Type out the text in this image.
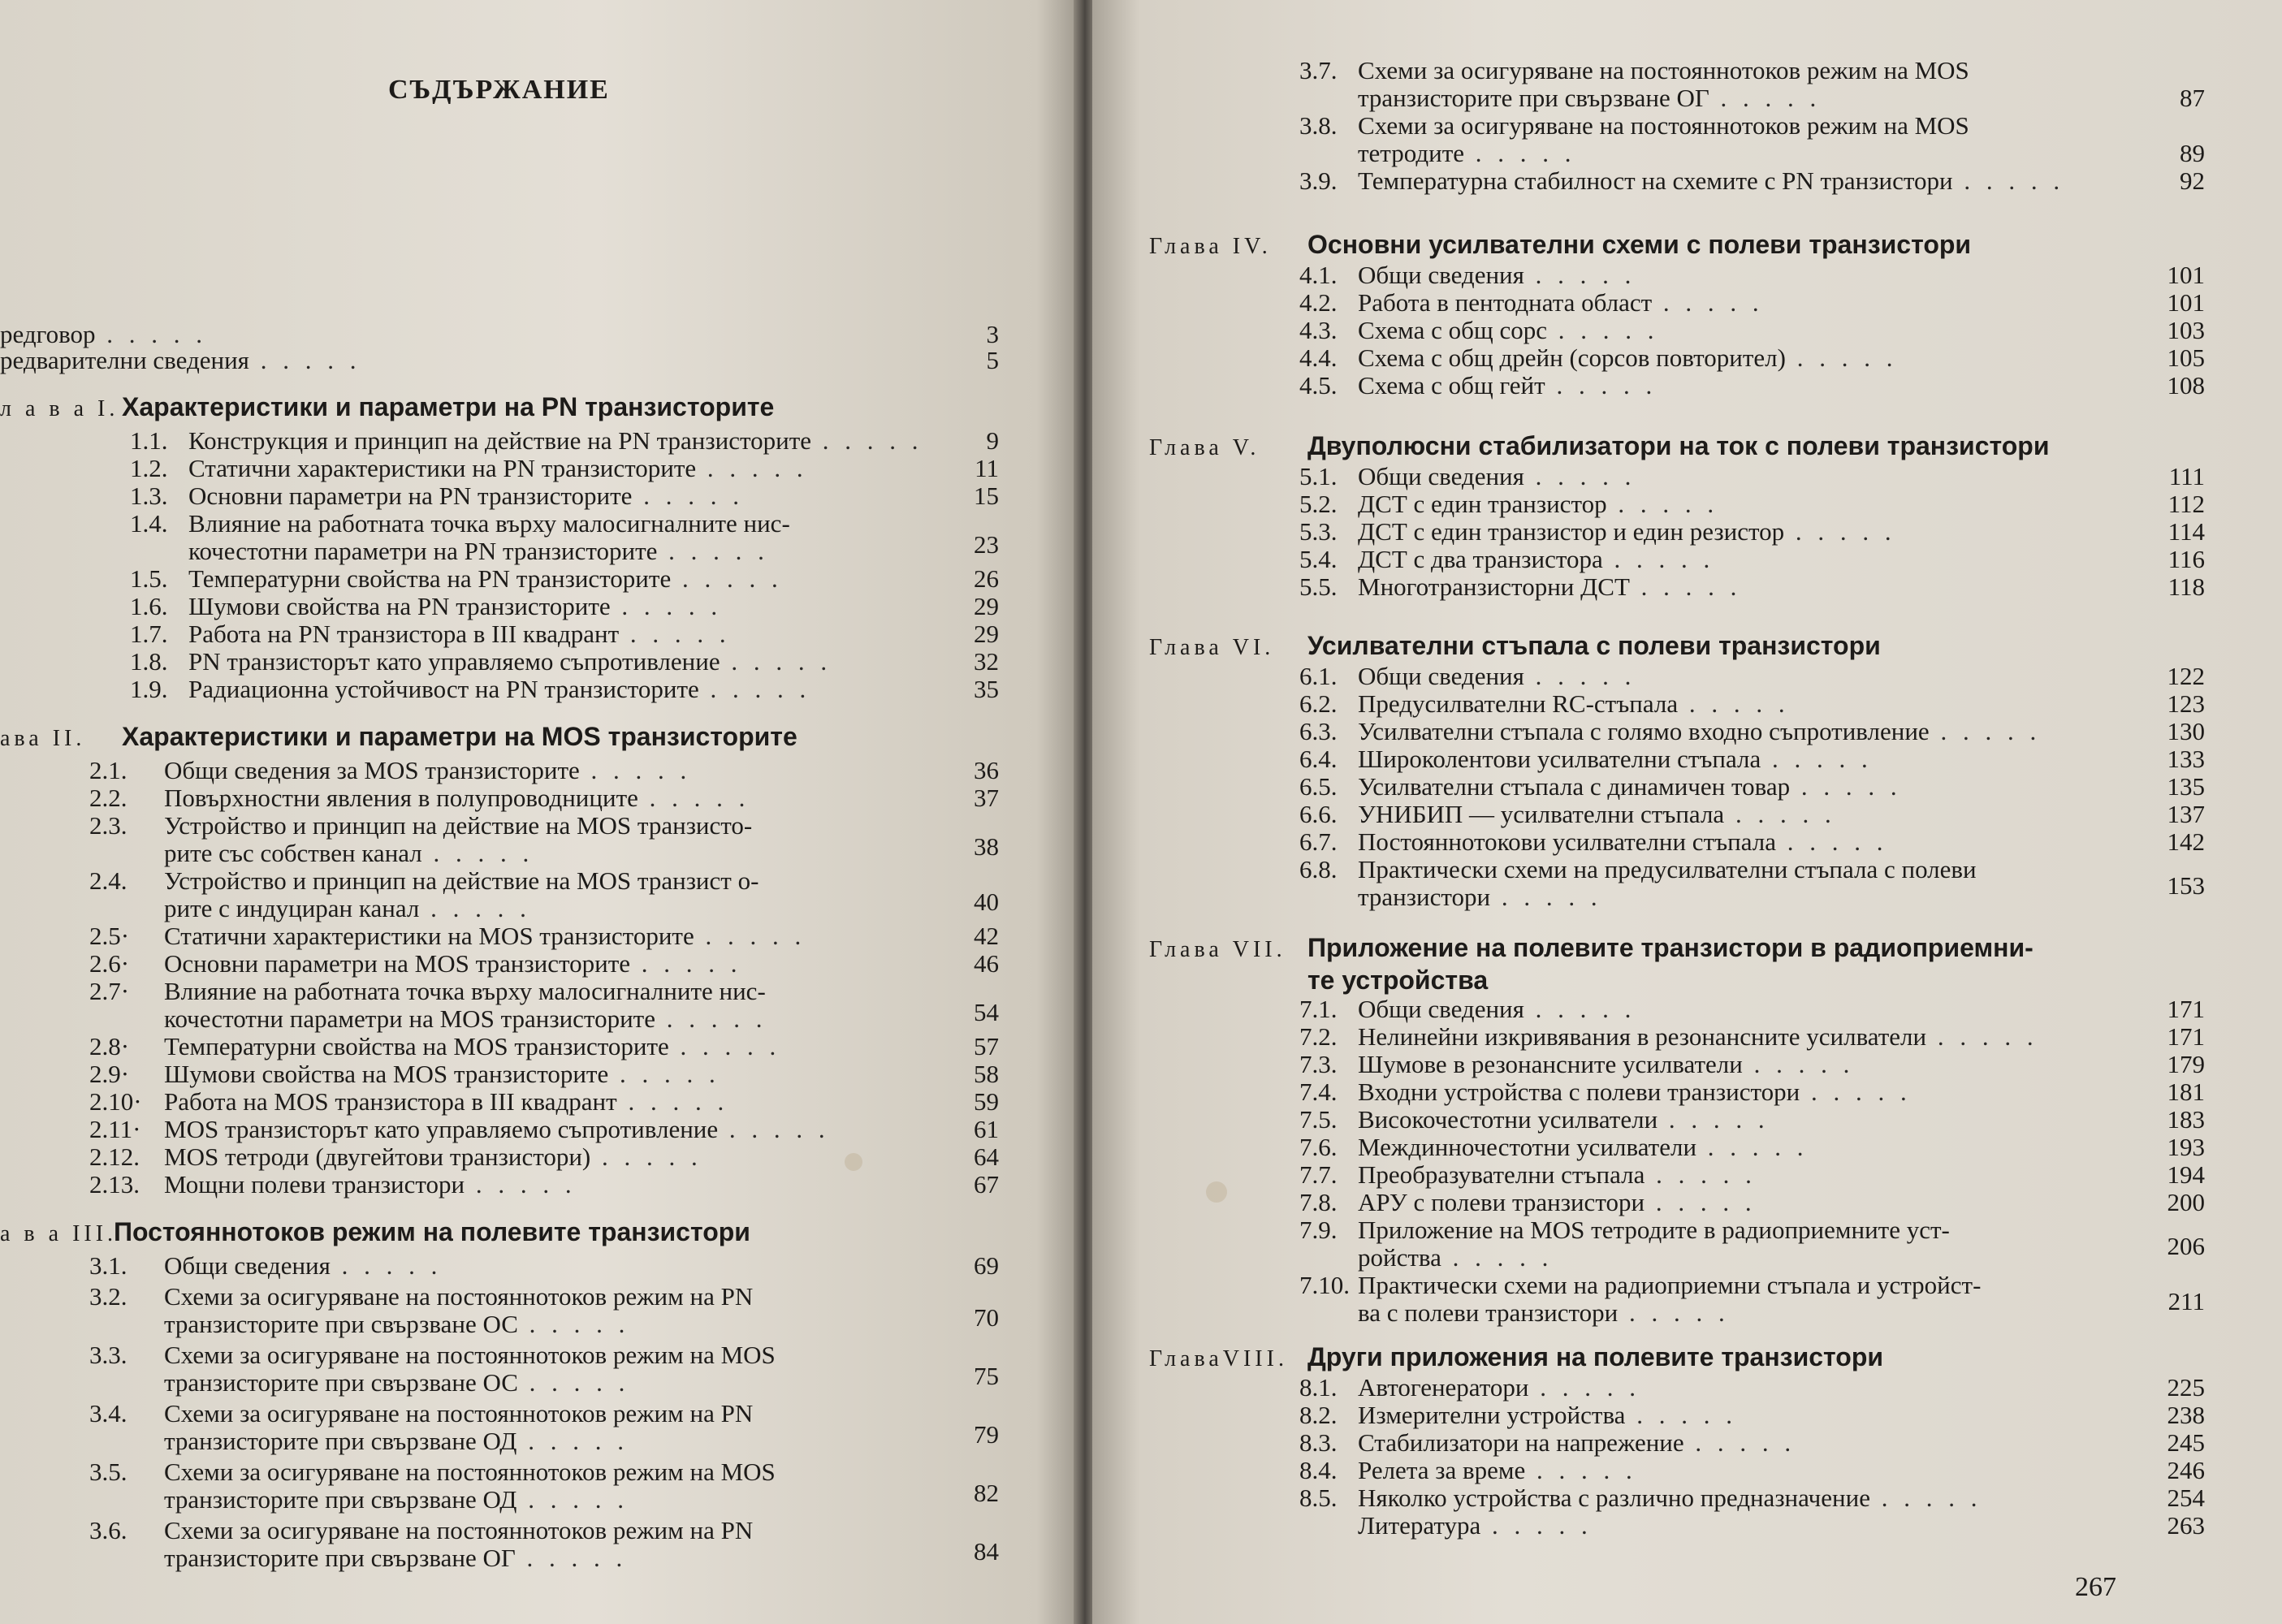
СЪДЪРЖАНИЕ
редговор . . . . .	3
редварителни сведения . . . . .	5
л а в а I. Характеристики и параметри на PN транзисторите
1.1. Конструкция и принцип на действие на PN транзисторите . . . . .	9
1.2. Статични характеристики на PN транзисторите . . . . .	11
1.3. Основни параметри на PN транзисторите . . . . .	15
1.4. Влияние на работната точка върху малосигналните нис-
кочестотни параметри на PN транзисторите . . . . .	23
1.5. Температурни свойства на PN транзисторите . . . . .	26
1.6. Шумови свойства на PN транзисторите . . . . .	29
1.7. Работа на PN транзистора в III квадрант . . . . .	29
1.8. PN транзисторът като управляемо съпротивление . . . . .	32
1.9. Радиационна устойчивост на PN транзисторите . . . . .	35
ава II. Характеристики и параметри на MOS транзисторите
2.1. Общи сведения за MOS транзисторите . . . . .	36
2.2. Повърхностни явления в полупроводниците . . . . .	37
2.3. Устройство и принцип на действие на MOS транзисто-
рите със собствен канал . . . . .	38
2.4. Устройство и принцип на действие на MOS транзист о-
рите с индуциран канал . . . . .	40
2.5· Статични характеристики на MOS транзисторите . . . . .	42
2.6· Основни параметри на MOS транзисторите . . . . .	46
2.7· Влияние на работната точка върху малосигналните нис-
кочестотни параметри на MOS транзисторите . . . . .	54
2.8· Температурни свойства на MOS транзисторите . . . . .	57
2.9· Шумови свойства на MOS транзисторите . . . . .	58
2.10· Работа на MOS транзистора в III квадрант . . . . .	59
2.11· MOS транзисторът като управляемо съпротивление . . . . .	61
2.12. MOS тетроди (двугейтови транзистори) . . . . .	64
2.13. Мощни полеви транзистори . . . . .	67
а в а III.Постояннотоков режим на полевите транзистори
3.1. Общи сведения . . . . .	69
3.2. Схеми за осигуряване на постояннотоков режим на PN
транзисторите при свързване ОС . . . . .	70
3.3. Схеми за осигуряване на постояннотоков режим на MOS
транзисторите при свързване ОС . . . . .	75
3.4. Схеми за осигуряване на постояннотоков режим на PN
транзисторите при свързване ОД . . . . .	79
3.5. Схеми за осигуряване на постояннотоков режим на MOS
транзисторите при свързване ОД . . . . .	82
3.6. Схеми за осигуряване на постояннотоков режим на PN
транзисторите при свързване ОГ . . . . .	84
3.7. Схеми за осигуряване на постояннотоков режим на MOS
транзисторите при свързване ОГ . . . . .	87
3.8. Схеми за осигуряване на постояннотоков режим на MOS
тетродите . . . . .	89
3.9. Температурна стабилност на схемите с PN транзистори . . . . .	92
Глава IV. Основни усилвателни схеми с полеви транзистори
4.1. Общи сведения . . . . .	101
4.2. Работа в пентодната област . . . . .	101
4.3. Схема с общ сорс . . . . .	103
4.4. Схема с общ дрейн (сорсов повторител) . . . . .	105
4.5. Схема с общ гейт . . . . .	108
Глава V. Двуполюсни стабилизатори на ток с полеви транзистори
5.1. Общи сведения . . . . .	111
5.2. ДСТ с един транзистор . . . . .	112
5.3. ДСТ с един транзистор и един резистор . . . . .	114
5.4. ДСТ с два транзистора . . . . .	116
5.5. Многотранзисторни ДСТ . . . . .	118
Глава VI. Усилвателни стъпала с полеви транзистори
6.1. Общи сведения . . . . .	122
6.2. Предусилвателни RC-стъпала . . . . .	123
6.3. Усилвателни стъпала с голямо входно съпротивление . . . . .	130
6.4. Широколентови усилвателни стъпала . . . . .	133
6.5. Усилвателни стъпала с динамичен товар . . . . .	135
6.6. УНИБИП — усилвателни стъпала . . . . .	137
6.7. Постояннотокови усилвателни стъпала . . . . .	142
6.8. Практически схеми на предусилвателни стъпала с полеви
транзистори . . . . .	153
Глава VII. Приложение на полевите транзистори в радиоприемни-
те устройства
7.1. Общи сведения . . . . .	171
7.2. Нелинейни изкривявания в резонансните усилватели . . . . .	171
7.3. Шумове в резонансните усилватели . . . . .	179
7.4. Входни устройства с полеви транзистори . . . . .	181
7.5. Високочестотни усилватели . . . . .	183
7.6. Междинночестотни усилватели . . . . .	193
7.7. Преобразувателни стъпала . . . . .	194
7.8. АРУ с полеви транзистори . . . . .	200
7.9. Приложение на MOS тетродите в радиоприемните уст-
ройства . . . . .	206
7.10. Практически схеми на радиоприемни стъпала и устройст-
ва с полеви транзистори . . . . .	211
ГлаваVIII. Други приложения на полевите транзистори
8.1. Автогенератори . . . . .	225
8.2. Измерителни устройства . . . . .	238
8.3. Стабилизатори на напрежение . . . . .	245
8.4. Релета за време . . . . .	246
8.5. Няколко устройства с различно предназначение . . . . .	254
Литература . . . . .	263
267
